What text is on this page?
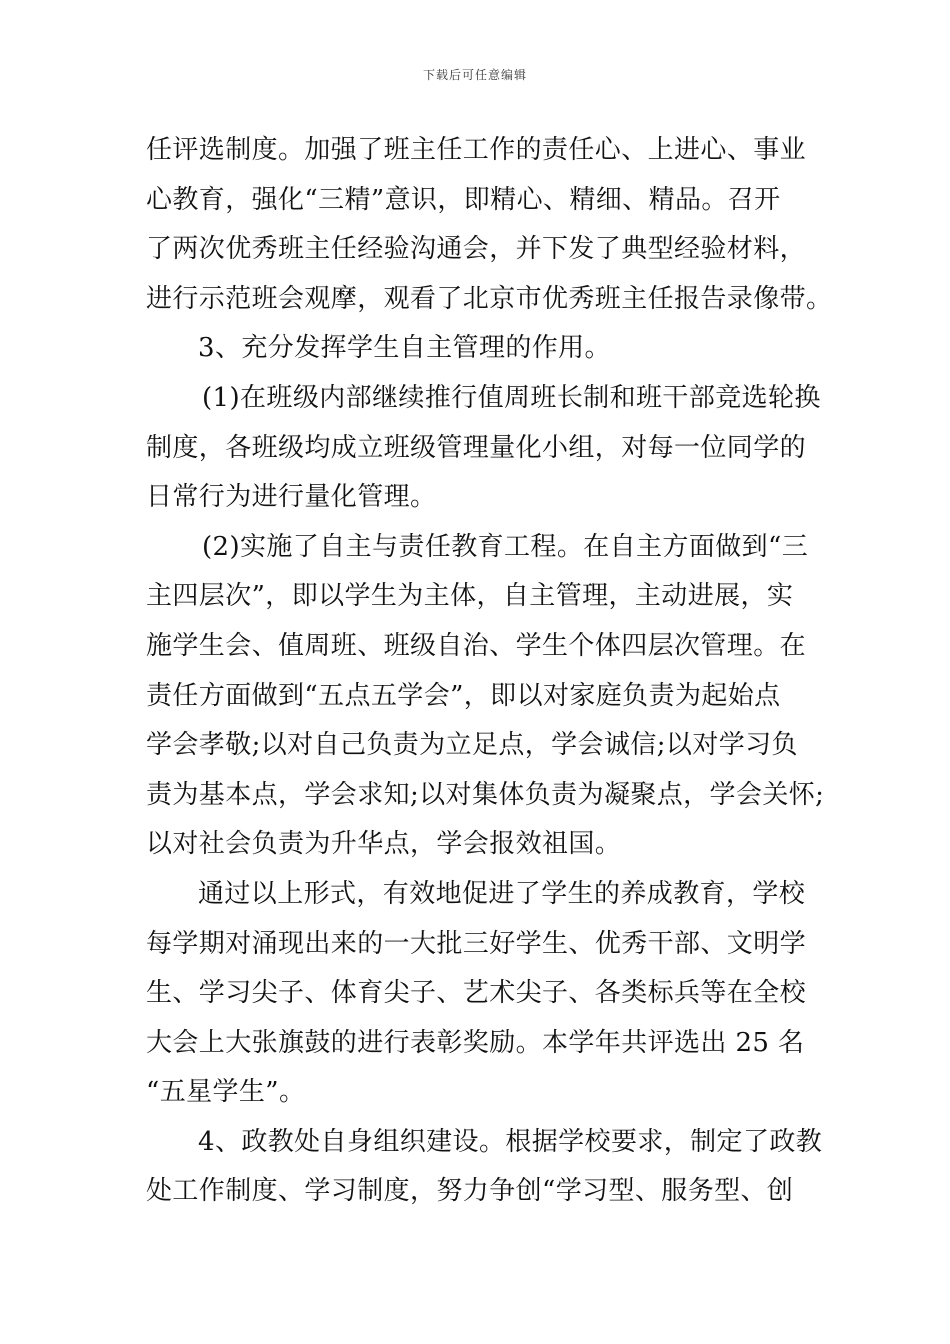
下载后可任意编辑
任评选制度。加强了班主任工作的责任心、上进心、事业
心教育，强化“三精”意识，即精心、精细、精品。召开
了两次优秀班主任经验沟通会，并下发了典型经验材料，
进行示范班会观摩，观看了北京市优秀班主任报告录像带。
3、充分发挥学生自主管理的作用。
(1)在班级内部继续推行值周班长制和班干部竞选轮换
制度，各班级均成立班级管理量化小组，对每一位同学的
日常行为进行量化管理。
(2)实施了自主与责任教育工程。在自主方面做到“三
主四层次”，即以学生为主体，自主管理，主动进展，实
施学生会、值周班、班级自治、学生个体四层次管理。在
责任方面做到“五点五学会”，即以对家庭负责为起始点
学会孝敬;以对自己负责为立足点，学会诚信;以对学习负
责为基本点，学会求知;以对集体负责为凝聚点，学会关怀;
以对社会负责为升华点，学会报效祖国。
通过以上形式，有效地促进了学生的养成教育，学校
每学期对涌现出来的一大批三好学生、优秀干部、文明学
生、学习尖子、体育尖子、艺术尖子、各类标兵等在全校
大会上大张旗鼓的进行表彰奖励。本学年共评选出 25 名
“五星学生”。
4、政教处自身组织建设。根据学校要求，制定了政教
处工作制度、学习制度，努力争创“学习型、服务型、创
